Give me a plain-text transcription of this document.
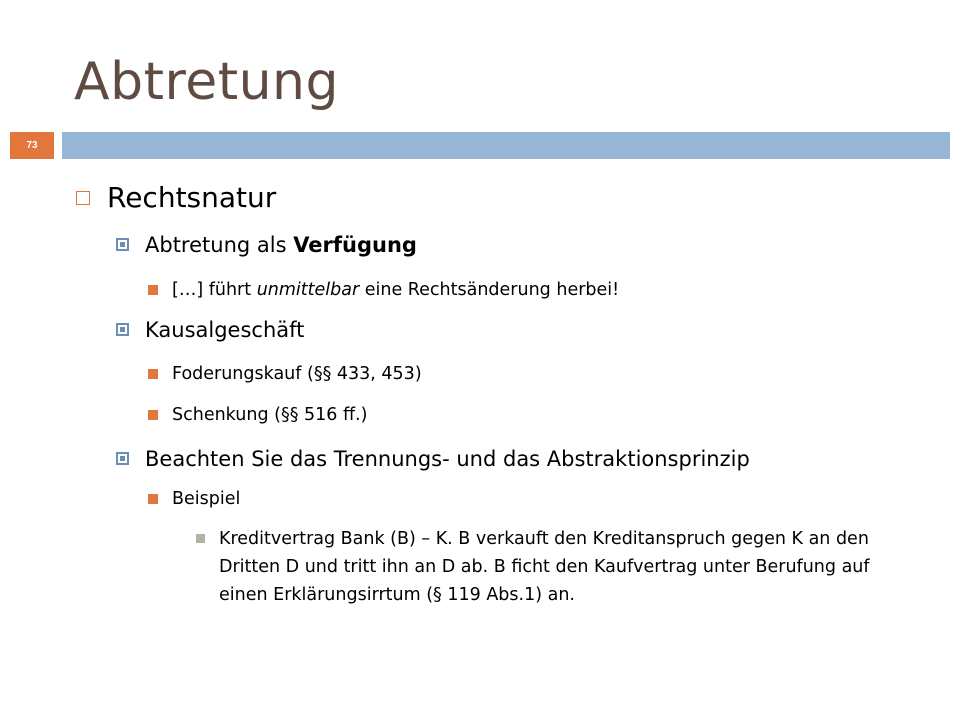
Abtretung
73
Rechtsnatur
Abtretung als Verfügung
[…] führt unmittelbar eine Rechtsänderung herbei!
Kausalgeschäft
Foderungskauf (§§ 433, 453)
Schenkung (§§ 516 ff.)
Beachten Sie das Trennungs- und das Abstraktionsprinzip
Beispiel
Kreditvertrag Bank (B) – K. B verkauft den Kreditanspruch gegen K an den Dritten D und tritt ihn an D ab. B ficht den Kaufvertrag unter Berufung auf einen Erklärungsirrtum (§ 119 Abs.1) an.
